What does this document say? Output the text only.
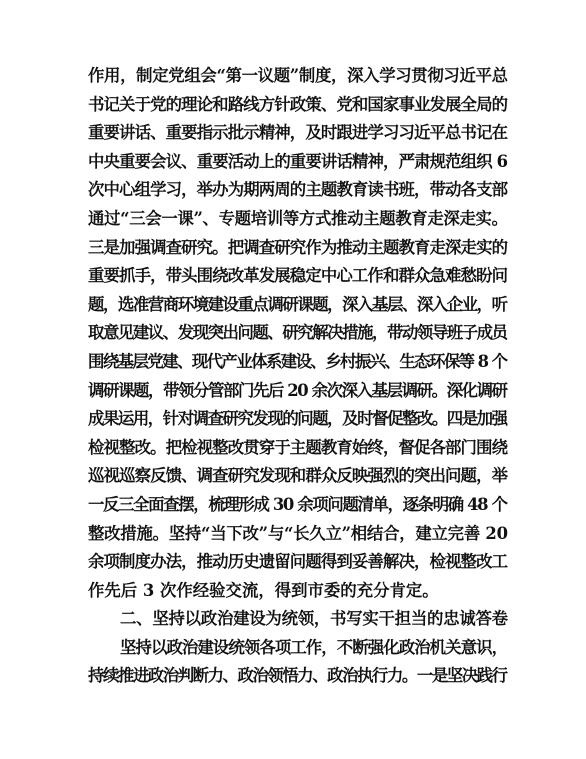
作用，制定党组会“第一议题”制度，深入学习贯彻习近平总
书记关于党的理论和路线方针政策、党和国家事业发展全局的
重要讲话、重要指示批示精神，及时跟进学习习近平总书记在
中央重要会议、重要活动上的重要讲话精神，严肃规范组织 6
次中心组学习，举办为期两周的主题教育读书班，带动各支部
通过“三会一课”、专题培训等方式推动主题教育走深走实。
三是加强调查研究。把调查研究作为推动主题教育走深走实的
重要抓手，带头围绕改革发展稳定中心工作和群众急难愁盼问
题，选准营商环境建设重点调研课题，深入基层、深入企业，听
取意见建议、发现突出问题、研究解决措施，带动领导班子成员
围绕基层党建、现代产业体系建设、乡村振兴、生态环保等 8 个
调研课题，带领分管部门先后 20 余次深入基层调研。深化调研
成果运用，针对调查研究发现的问题，及时督促整改。四是加强
检视整改。把检视整改贯穿于主题教育始终，督促各部门围绕
巡视巡察反馈、调查研究发现和群众反映强烈的突出问题，举
一反三全面查摆，梳理形成 30 余项问题清单，逐条明确 48 个
整改措施。坚持“当下改”与“长久立”相结合，建立完善 20
余项制度办法，推动历史遗留问题得到妥善解决，检视整改工
作先后 3 次作经验交流，得到市委的充分肯定。
二、坚持以政治建设为统领，书写实干担当的忠诚答卷
坚持以政治建设统领各项工作，不断强化政治机关意识，
持续推进政治判断力、政治领悟力、政治执行力。一是坚决践行
